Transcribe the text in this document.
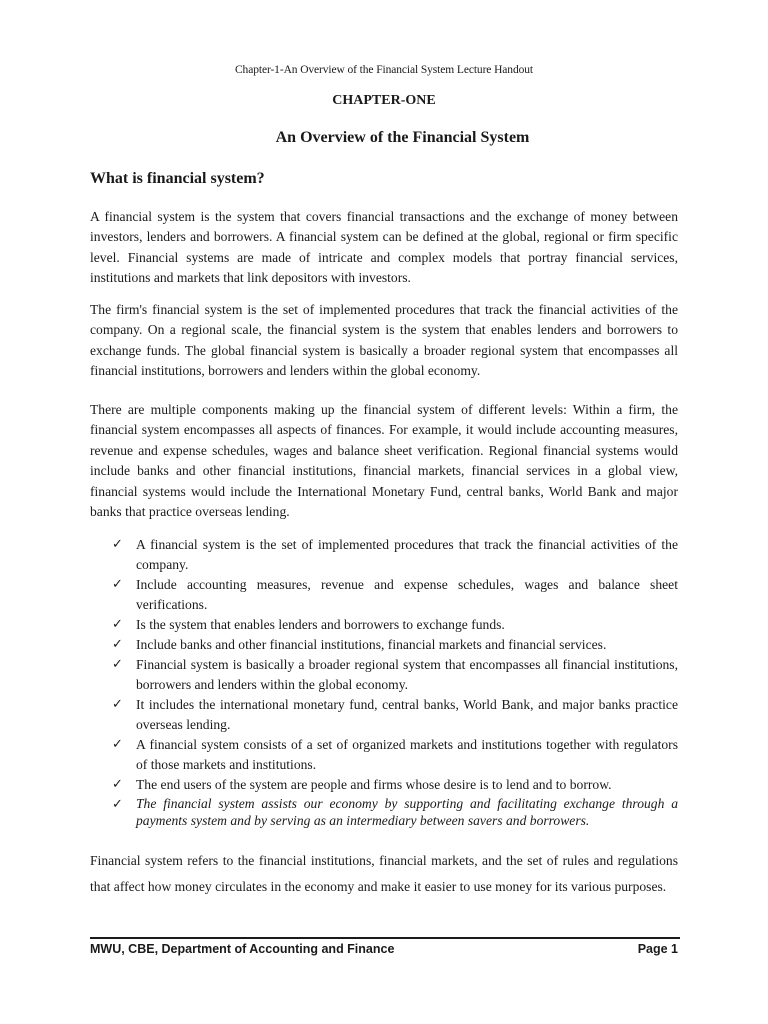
Chapter-1-An Overview of the Financial System Lecture Handout
CHAPTER-ONE
An Overview of the Financial System
What is financial system?

A financial system is the system that covers financial transactions and the exchange of money between investors, lenders and borrowers. A financial system can be defined at the global, regional or firm specific level. Financial systems are made of intricate and complex models that portray financial services, institutions and markets that link depositors with investors.

The firm's financial system is the set of implemented procedures that track the financial activities of the company. On a regional scale, the financial system is the system that enables lenders and borrowers to exchange funds. The global financial system is basically a broader regional system that encompasses all financial institutions, borrowers and lenders within the global economy.

There are multiple components making up the financial system of different levels: Within a firm, the financial system encompasses all aspects of finances. For example, it would include accounting measures, revenue and expense schedules, wages and balance sheet verification. Regional financial systems would include banks and other financial institutions, financial markets, financial services in a global view, financial systems would include the International Monetary Fund, central banks, World Bank and major banks that practice overseas lending.

✓ A financial system is the set of implemented procedures that track the financial activities of the company.
✓ Include accounting measures, revenue and expense schedules, wages and balance sheet verifications.
✓ Is the system that enables lenders and borrowers to exchange funds.
✓ Include banks and other financial institutions, financial markets and financial services.
✓ Financial system is basically a broader regional system that encompasses all financial institutions, borrowers and lenders within the global economy.
✓ It includes the international monetary fund, central banks, World Bank, and major banks practice overseas lending.
✓ A financial system consists of a set of organized markets and institutions together with regulators of those markets and institutions.
✓ The end users of the system are people and firms whose desire is to lend and to borrow.
✓ The financial system assists our economy by supporting and facilitating exchange through a payments system and by serving as an intermediary between savers and borrowers.

Financial system refers to the financial institutions, financial markets, and the set of rules and regulations that affect how money circulates in the economy and make it easier to use money for its various purposes.

MWU, CBE, Department of Accounting and Finance	Page 1
